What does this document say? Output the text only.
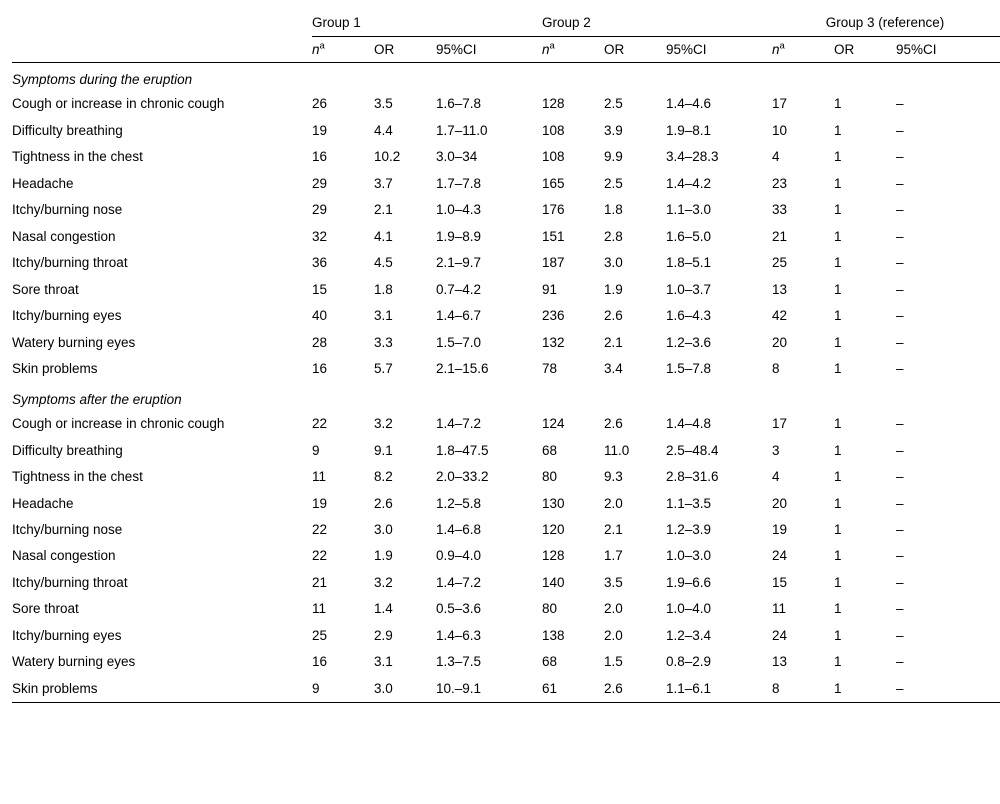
	Group 1			Group 2			Group 3 (reference)		
	$n^a$	OR	95%CI	$n^a$	OR	95%CI	$n^a$	OR	95%CI
Symptoms during the eruption									

Cough or increase in chronic cough	26	3.5	1.6–7.8	128	2.5	1.4–4.6	17	1	–

Difficulty breathing	19	4.4	1.7–11.0	108	3.9	1.9–8.1	10	1	–

Tightness in the chest	16	10.2	3.0–34	108	9.9	3.4–28.3	4	1	–

Headache	29	3.7	1.7–7.8	165	2.5	1.4–4.2	23	1	–

Itchy/burning nose	29	2.1	1.0–4.3	176	1.8	1.1–3.0	33	1	–

Nasal congestion	32	4.1	1.9–8.9	151	2.8	1.6–5.0	21	1	–

Itchy/burning throat	36	4.5	2.1–9.7	187	3.0	1.8–5.1	25	1	–

Sore throat	15	1.8	0.7–4.2	91	1.9	1.0–3.7	13	1	–

Itchy/burning eyes	40	3.1	1.4–6.7	236	2.6	1.6–4.3	42	1	–

Watery burning eyes	28	3.3	1.5–7.0	132	2.1	1.2–3.6	20	1	–

Skin problems	16	5.7	2.1–15.6	78	3.4	1.5–7.8	8	1	–
Symptoms after the eruption									

Cough or increase in chronic cough	22	3.2	1.4–7.2	124	2.6	1.4–4.8	17	1	–

Difficulty breathing	9	9.1	1.8–47.5	68	11.0	2.5–48.4	3	1	–

Tightness in the chest	11	8.2	2.0–33.2	80	9.3	2.8–31.6	4	1	–

Headache	19	2.6	1.2–5.8	130	2.0	1.1–3.5	20	1	–

Itchy/burning nose	22	3.0	1.4–6.8	120	2.1	1.2–3.9	19	1	–

Nasal congestion	22	1.9	0.9–4.0	128	1.7	1.0–3.0	24	1	–

Itchy/burning throat	21	3.2	1.4–7.2	140	3.5	1.9–6.6	15	1	–

Sore throat	11	1.4	0.5–3.6	80	2.0	1.0–4.0	11	1	–

Itchy/burning eyes	25	2.9	1.4–6.3	138	2.0	1.2–3.4	24	1	–

Watery burning eyes	16	3.1	1.3–7.5	68	1.5	0.8–2.9	13	1	–

Skin problems	9	3.0	10.–9.1	61	2.6	1.1–6.1	8	1	–
